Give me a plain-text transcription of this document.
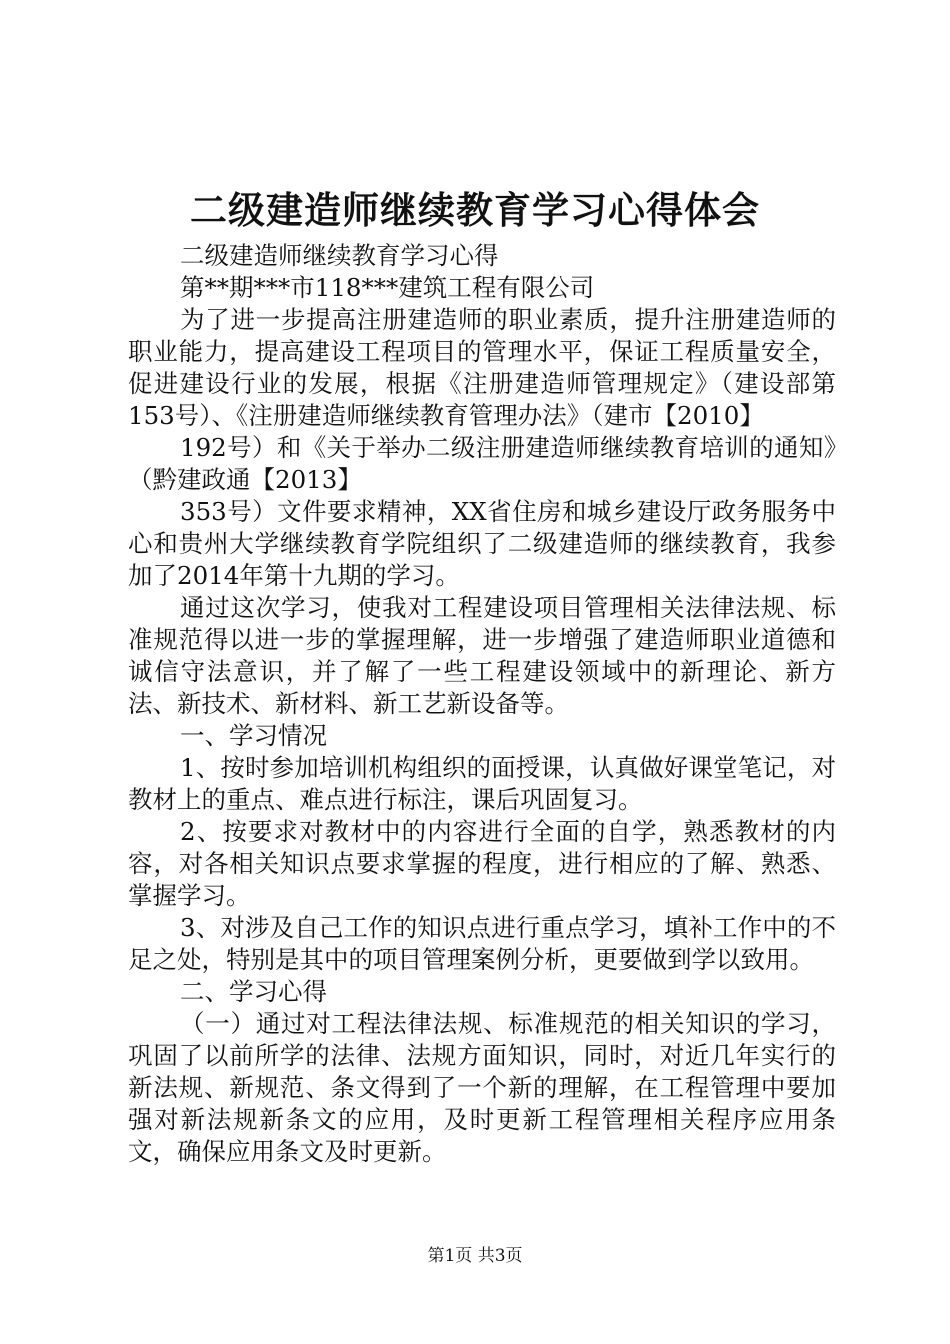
二级建造师继续教育学习心得体会

二级建造师继续教育学习心得

第**期***市118***建筑工程有限公司

为了进一步提高注册建造师的职业素质，提升注册建造师的职业能力，提高建设工程项目的管理水平，保证工程质量安全，促进建设行业的发展，根据《注册建造师管理规定》（建设部第153号）、《注册建造师继续教育管理办法》（建市【2010】

192号）和《关于举办二级注册建造师继续教育培训的通知》（黔建政通【2013】

353号）文件要求精神，XX省住房和城乡建设厅政务服务中心和贵州大学继续教育学院组织了二级建造师的继续教育，我参加了2014年第十九期的学习。

通过这次学习，使我对工程建设项目管理相关法律法规、标准规范得以进一步的掌握理解，进一步增强了建造师职业道德和诚信守法意识，并了解了一些工程建设领域中的新理论、新方法、新技术、新材料、新工艺新设备等。

一、学习情况

1、按时参加培训机构组织的面授课，认真做好课堂笔记，对教材上的重点、难点进行标注，课后巩固复习。

2、按要求对教材中的内容进行全面的自学，熟悉教材的内容，对各相关知识点要求掌握的程度，进行相应的了解、熟悉、掌握学习。

3、对涉及自己工作的知识点进行重点学习，填补工作中的不足之处，特别是其中的项目管理案例分析，更要做到学以致用。

二、学习心得

（一）通过对工程法律法规、标准规范的相关知识的学习，巩固了以前所学的法律、法规方面知识，同时，对近几年实行的新法规、新规范、条文得到了一个新的理解，在工程管理中要加强对新法规新条文的应用，及时更新工程管理相关程序应用条文，确保应用条文及时更新。

第1页 共3页
